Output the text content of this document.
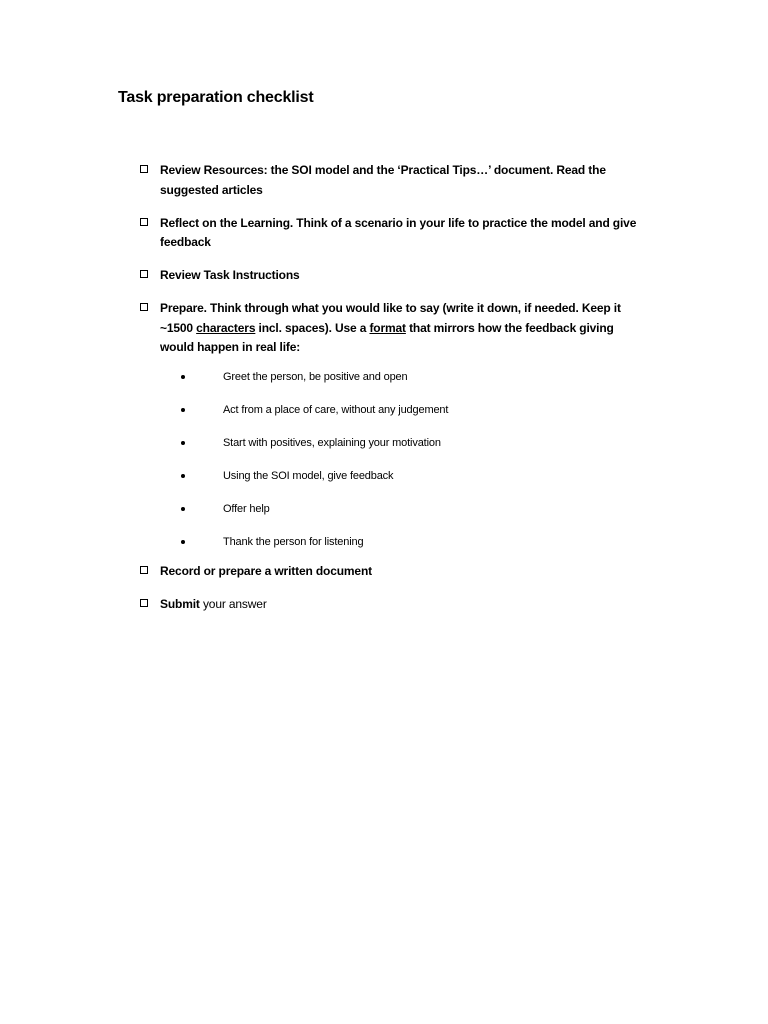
Task preparation checklist
Review Resources: the SOI model and the ‘Practical Tips…’ document. Read the suggested articles
Reflect on the Learning. Think of a scenario in your life to practice the model and give feedback
Review Task Instructions
Prepare. Think through what you would like to say (write it down, if needed. Keep it ~1500 characters incl. spaces). Use a format that mirrors how the feedback giving would happen in real life:
Greet the person, be positive and open
Act from a place of care, without any judgement
Start with positives, explaining your motivation
Using the SOI model, give feedback
Offer help
Thank the person for listening
Record or prepare a written document
Submit your answer
